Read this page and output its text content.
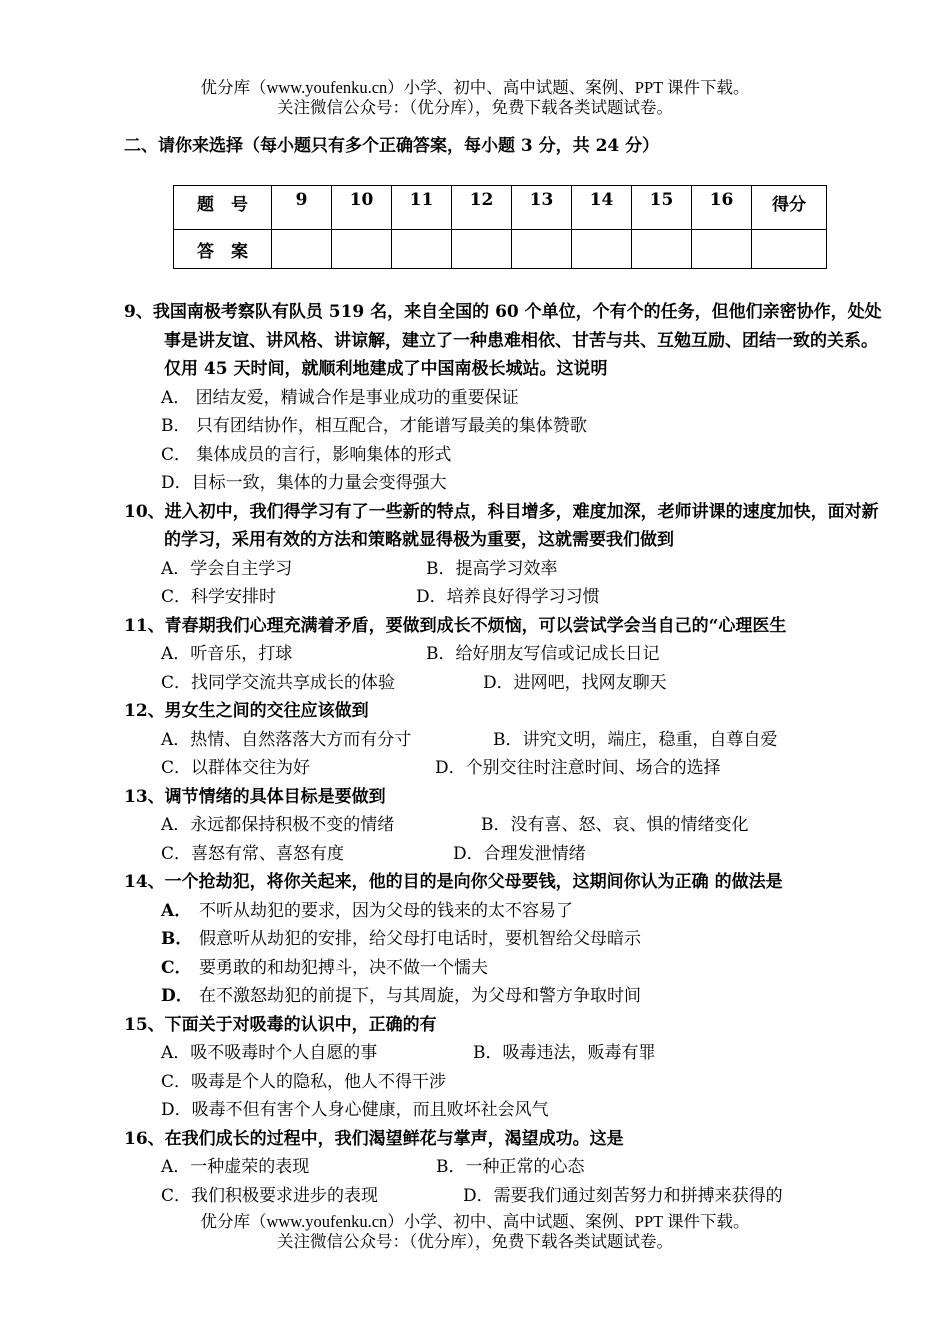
优分库（www.youfenku.cn）小学、初中、高中试题、案例、PPT 课件下载。
关注微信公众号：（优分库），免费下载各类试题试卷。
二、请你来选择（每小题只有多个正确答案，每小题 3 分，共 24 分）
题　号	9	10	11	12	13	14	15	16	得分
答　案									
9、我国南极考察队有队员 519 名，来自全国的 60 个单位，个有个的任务，但他们亲密协作，处处事是讲友谊、讲风格、讲谅解，建立了一种患难相依、甘苦与共、互勉互励、团结一致的关系。仅用 45 天时间，就顺利地建成了中国南极长城站。这说明
A． 团结友爱，精诚合作是事业成功的重要保证
B． 只有团结协作，相互配合，才能谱写最美的集体赞歌
C． 集体成员的言行，影响集体的形式
D．目标一致，集体的力量会变得强大
10、进入初中，我们得学习有了一些新的特点，科目增多，难度加深，老师讲课的速度加快，面对新的学习，采用有效的方法和策略就显得极为重要，这就需要我们做到
A．学会自主学习	B．提高学习效率
C．科学安排时	D．培养良好得学习习惯
11、青春期我们心理充满着矛盾，要做到成长不烦恼，可以尝试学会当自己的“心理医生
A．听音乐，打球	B．给好朋友写信或记成长日记
C．找同学交流共享成长的体验	D．进网吧，找网友聊天
12、男女生之间的交往应该做到
A．热情、自然落落大方而有分寸	B．讲究文明，端庄，稳重，自尊自爱
C．以群体交往为好	D．个别交往时注意时间、场合的选择
13、调节情绪的具体目标是要做到
A．永远都保持积极不变的情绪	B．没有喜、怒、哀、惧的情绪变化
C．喜怒有常、喜怒有度	D．合理发泄情绪
14、一个抢劫犯，将你关起来，他的目的是向你父母要钱，这期间你认为正确 的做法是
A． 不听从劫犯的要求，因为父母的钱来的太不容易了
B． 假意听从劫犯的安排，给父母打电话时，要机智给父母暗示
C． 要勇敢的和劫犯搏斗，决不做一个懦夫
D． 在不激怒劫犯的前提下，与其周旋，为父母和警方争取时间
15、下面关于对吸毒的认识中，正确的有
A．吸不吸毒时个人自愿的事	B．吸毒违法，贩毒有罪
C．吸毒是个人的隐私，他人不得干涉
D．吸毒不但有害个人身心健康，而且败坏社会风气
16、在我们成长的过程中，我们渴望鲜花与掌声，渴望成功。这是
A．一种虚荣的表现	B．一种正常的心态
C．我们积极要求进步的表现	D．需要我们通过刻苦努力和拼搏来获得的
优分库（www.youfenku.cn）小学、初中、高中试题、案例、PPT 课件下载。
关注微信公众号：（优分库），免费下载各类试题试卷。
